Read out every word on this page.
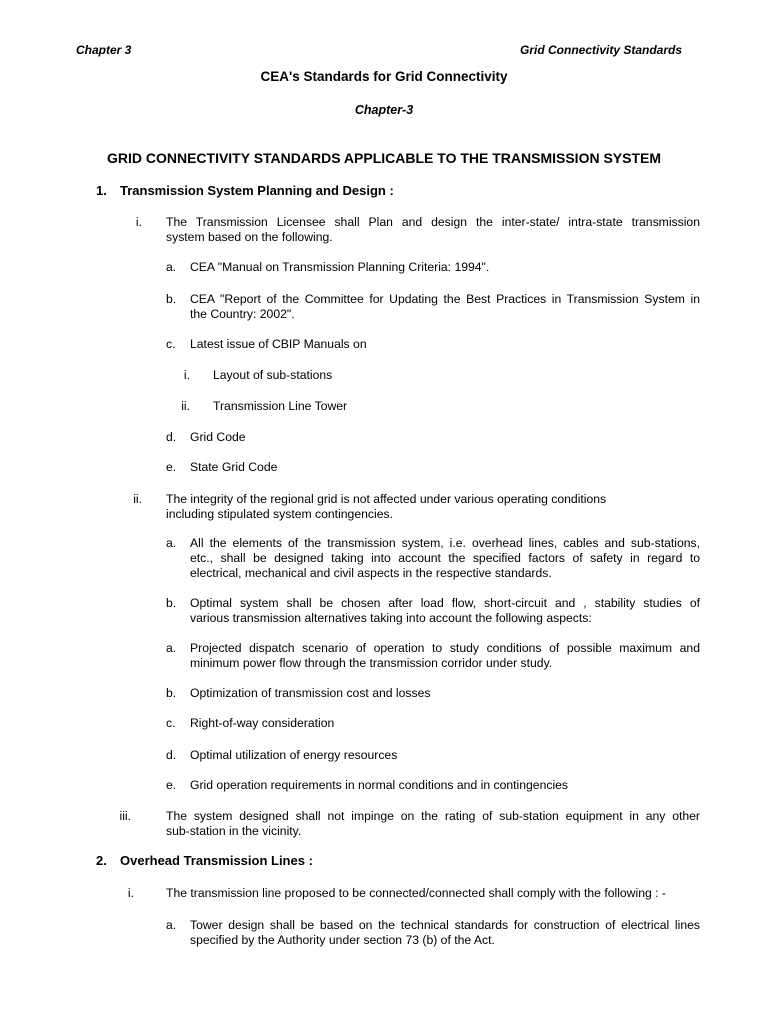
Chapter 3	Grid Connectivity Standards
CEA's Standards for Grid Connectivity
Chapter-3
GRID CONNECTIVITY STANDARDS APPLICABLE TO THE TRANSMISSION SYSTEM
1. Transmission System Planning and Design :
i. The Transmission Licensee shall Plan and design the inter-state/ intra-state transmission
system based on the following.
a. CEA "Manual on Transmission Planning Criteria: 1994".
b. CEA "Report of the Committee for Updating the Best Practices in Transmission System in
the Country: 2002".
c. Latest issue of CBIP Manuals on
i. Layout of sub-stations
ii. Transmission Line Tower
d. Grid Code
e. State Grid Code
ii. The integrity of the regional grid is not affected under various operating conditions
including stipulated system contingencies.
a. All the elements of the transmission system, i.e. overhead lines, cables and sub-stations,
etc., shall be designed taking into account the specified factors of safety in regard to
electrical, mechanical and civil aspects in the respective standards.
b. Optimal system shall be chosen after load flow, short-circuit and , stability studies of
various transmission alternatives taking into account the following aspects:
a. Projected dispatch scenario of operation to study conditions of possible maximum and
minimum power flow through the transmission corridor under study.
b. Optimization of transmission cost and losses
c. Right-of-way consideration
d. Optimal utilization of energy resources
e. Grid operation requirements in normal conditions and in contingencies
iii.	The system designed shall not impinge on the rating of sub-station equipment in any other
sub-station in the vicinity.
2. Overhead Transmission Lines :
i.	The transmission line proposed to be connected/connected shall comply with the following : -
a. Tower design shall be based on the technical standards for construction of electrical lines
specified by the Authority under section 73 (b) of the Act.
